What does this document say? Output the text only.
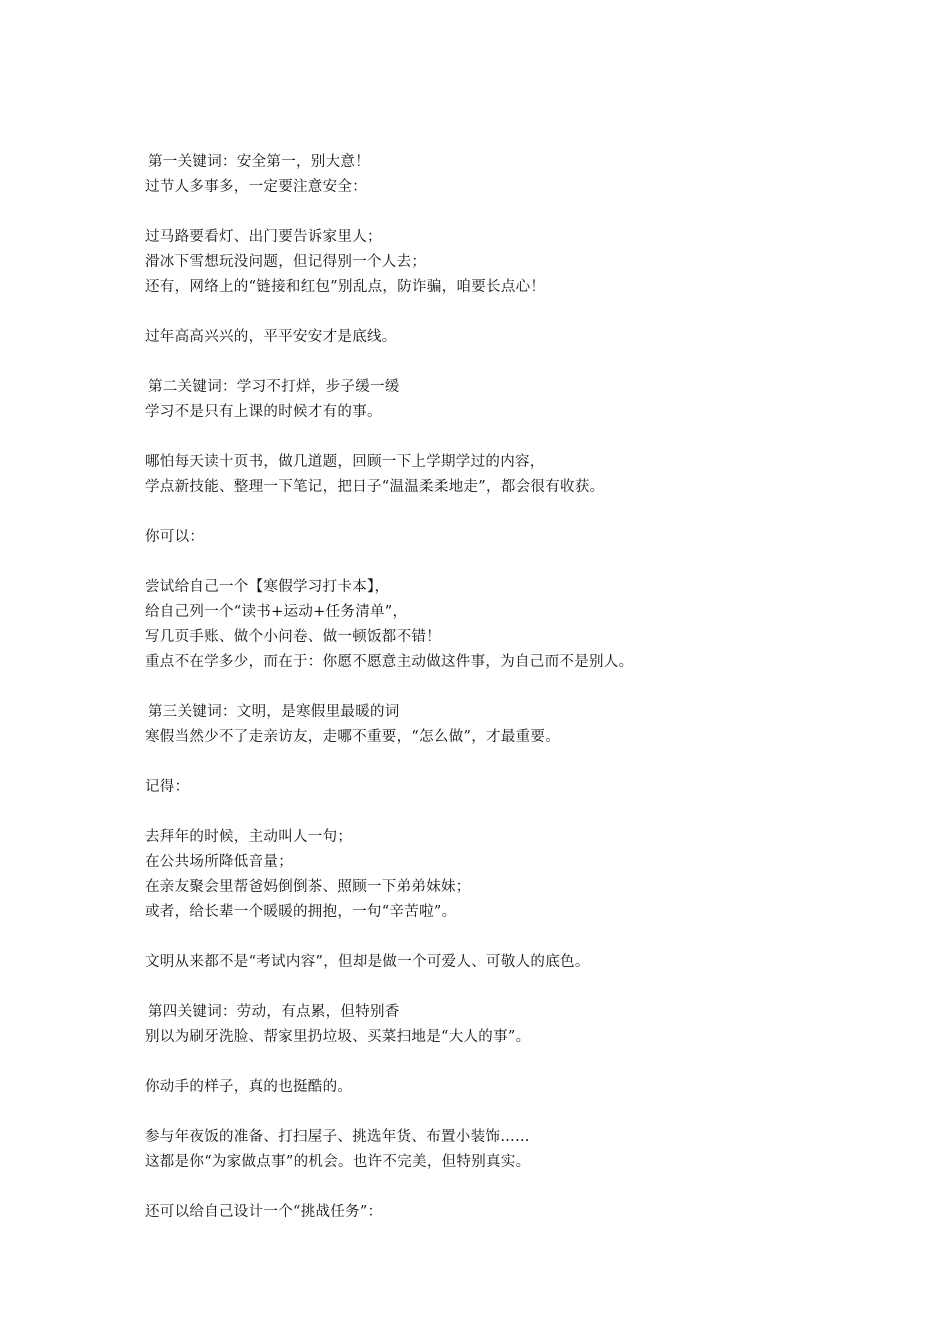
第一关键词：安全第一，别大意！
过节人多事多，一定要注意安全：
过马路要看灯、出门要告诉家里人；
滑冰下雪想玩没问题，但记得别一个人去；
还有，网络上的“链接和红包”别乱点，防诈骗，咱要长点心！
过年高高兴兴的，平平安安才是底线。
第二关键词：学习不打烊，步子缓一缓
学习不是只有上课的时候才有的事。
哪怕每天读十页书，做几道题，回顾一下上学期学过的内容，
学点新技能、整理一下笔记，把日子“温温柔柔地走”，都会很有收获。
你可以：
尝试给自己一个【寒假学习打卡本】，
给自己列一个“读书+运动+任务清单”，
写几页手账、做个小问卷、做一顿饭都不错！
重点不在学多少，而在于：你愿不愿意主动做这件事，为自己而不是别人。
第三关键词：文明，是寒假里最暖的词
寒假当然少不了走亲访友，走哪不重要，“怎么做”，才最重要。
记得：
去拜年的时候，主动叫人一句；
在公共场所降低音量；
在亲友聚会里帮爸妈倒倒茶、照顾一下弟弟妹妹；
或者，给长辈一个暖暖的拥抱，一句“辛苦啦”。
文明从来都不是“考试内容”，但却是做一个可爱人、可敬人的底色。
第四关键词：劳动，有点累，但特别香
别以为刷牙洗脸、帮家里扔垃圾、买菜扫地是“大人的事”。
你动手的样子，真的也挺酷的。
参与年夜饭的准备、打扫屋子、挑选年货、布置小装饰……
这都是你“为家做点事”的机会。也许不完美，但特别真实。
还可以给自己设计一个“挑战任务”：
